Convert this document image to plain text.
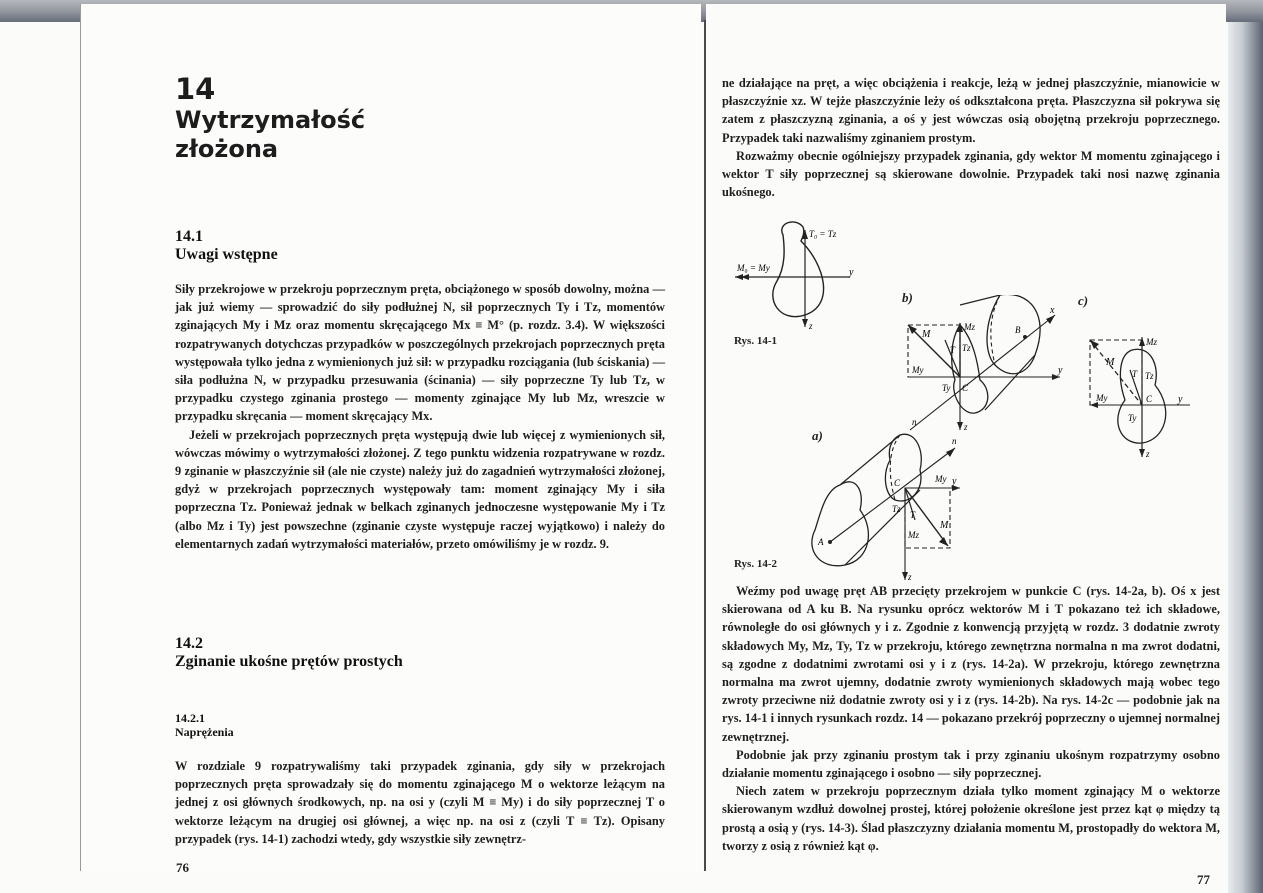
14
Wytrzymałość złożona
14.1
Uwagi wstępne

Siły przekrojowe w przekroju poprzecznym pręta, obciążonego w sposób dowolny, można — jak już wiemy — sprowadzić do siły podłużnej N, sił poprzecznych Ty i Tz, momentów zginających My i Mz oraz momentu skręcającego Mx ≡ M° (p. rozdz. 3.4). W większości rozpatrywanych dotychczas przypadków w poszczególnych przekrojach poprzecznych pręta występowała tylko jedna z wymienionych już sił: w przypadku rozciągania (lub ściskania) — siła podłużna N, w przypadku przesuwania (ścinania) — siły poprzeczne Ty lub Tz, w przypadku czystego zginania prostego — momenty zginające My lub Mz, wreszcie w przypadku skręcania — moment skręcający Mx.

Jeżeli w przekrojach poprzecznych pręta występują dwie lub więcej z wymienionych sił, wówczas mówimy o wytrzymałości złożonej. Z tego punktu widzenia rozpatrywane w rozdz. 9 zginanie w płaszczyźnie sił (ale nie czyste) należy już do zagadnień wytrzymałości złożonej, gdyż w przekrojach poprzecznych występowały tam: moment zginający My i siła poprzeczna Tz. Ponieważ jednak w belkach zginanych jednoczesne występowanie My i Tz (albo Mz i Ty) jest powszechne (zginanie czyste występuje raczej wyjątkowo) i należy do elementarnych zadań wytrzymałości materiałów, przeto omówiliśmy je w rozdz. 9.

14.2
Zginanie ukośne prętów prostych
14.2.1
Naprężenia

W rozdziale 9 rozpatrywaliśmy taki przypadek zginania, gdy siły w przekrojach poprzecznych pręta sprowadzały się do momentu zginającego M o wektorze leżącym na jednej z osi głównych środkowych, np. na osi y (czyli M ≡ My) i do siły poprzecznej T o wektorze leżącym na drugiej osi głównej, a więc np. na osi z (czyli T ≡ Tz). Opisany przypadek (rys. 14-1) zachodzi wtedy, gdy wszystkie siły zewnętrz-

76

ne działające na pręt, a więc obciążenia i reakcje, leżą w jednej płaszczyźnie, mianowicie w płaszczyźnie xz. W tejże płaszczyźnie leży oś odkształcona pręta. Płaszczyzna sił pokrywa się zatem z płaszczyzną zginania, a oś y jest wówczas osią obojętną przekroju poprzecznego. Przypadek taki nazwaliśmy zginaniem prostym.

Rozważmy obecnie ogólniejszy przypadek zginania, gdy wektor M momentu zginającego i wektor T siły poprzecznej są skierowane dowolnie. Przypadek taki nosi nazwę zginania ukośnego.

M₀ = My
T₀ = Tz
y
z
Rys. 14-1
b)
M
Mz
My
Tz
T
Ty C
B
x
y
z
n
c)
Mz
M
T Tz
My	C	y
Ty
z
a)
A
C	My y
n
Tz
T
M
Mz
z
Rys. 14-2

Weźmy pod uwagę pręt AB przecięty przekrojem w punkcie C (rys. 14-2a, b). Oś x jest skierowana od A ku B. Na rysunku oprócz wektorów M i T pokazano też ich składowe, równoległe do osi głównych y i z. Zgodnie z konwencją przyjętą w rozdz. 3 dodatnie zwroty składowych My, Mz, Ty, Tz w przekroju, którego zewnętrzna normalna n ma zwrot dodatni, są zgodne z dodatnimi zwrotami osi y i z (rys. 14-2a). W przekroju, którego zewnętrzna normalna ma zwrot ujemny, dodatnie zwroty wymienionych składowych mają wobec tego zwroty przeciwne niż dodatnie zwroty osi y i z (rys. 14-2b). Na rys. 14-2c — podobnie jak na rys. 14-1 i innych rysunkach rozdz. 14 — pokazano przekrój poprzeczny o ujemnej normalnej zewnętrznej.

Podobnie jak przy zginaniu prostym tak i przy zginaniu ukośnym rozpatrzymy osobno działanie momentu zginającego i osobno — siły poprzecznej.

Niech zatem w przekroju poprzecznym działa tylko moment zginający M o wektorze skierowanym wzdłuż dowolnej prostej, której położenie określone jest przez kąt φ między tą prostą a osią y (rys. 14-3). Ślad płaszczyzny działania momentu M, prostopadły do wektora M, tworzy z osią z również kąt φ.

77
